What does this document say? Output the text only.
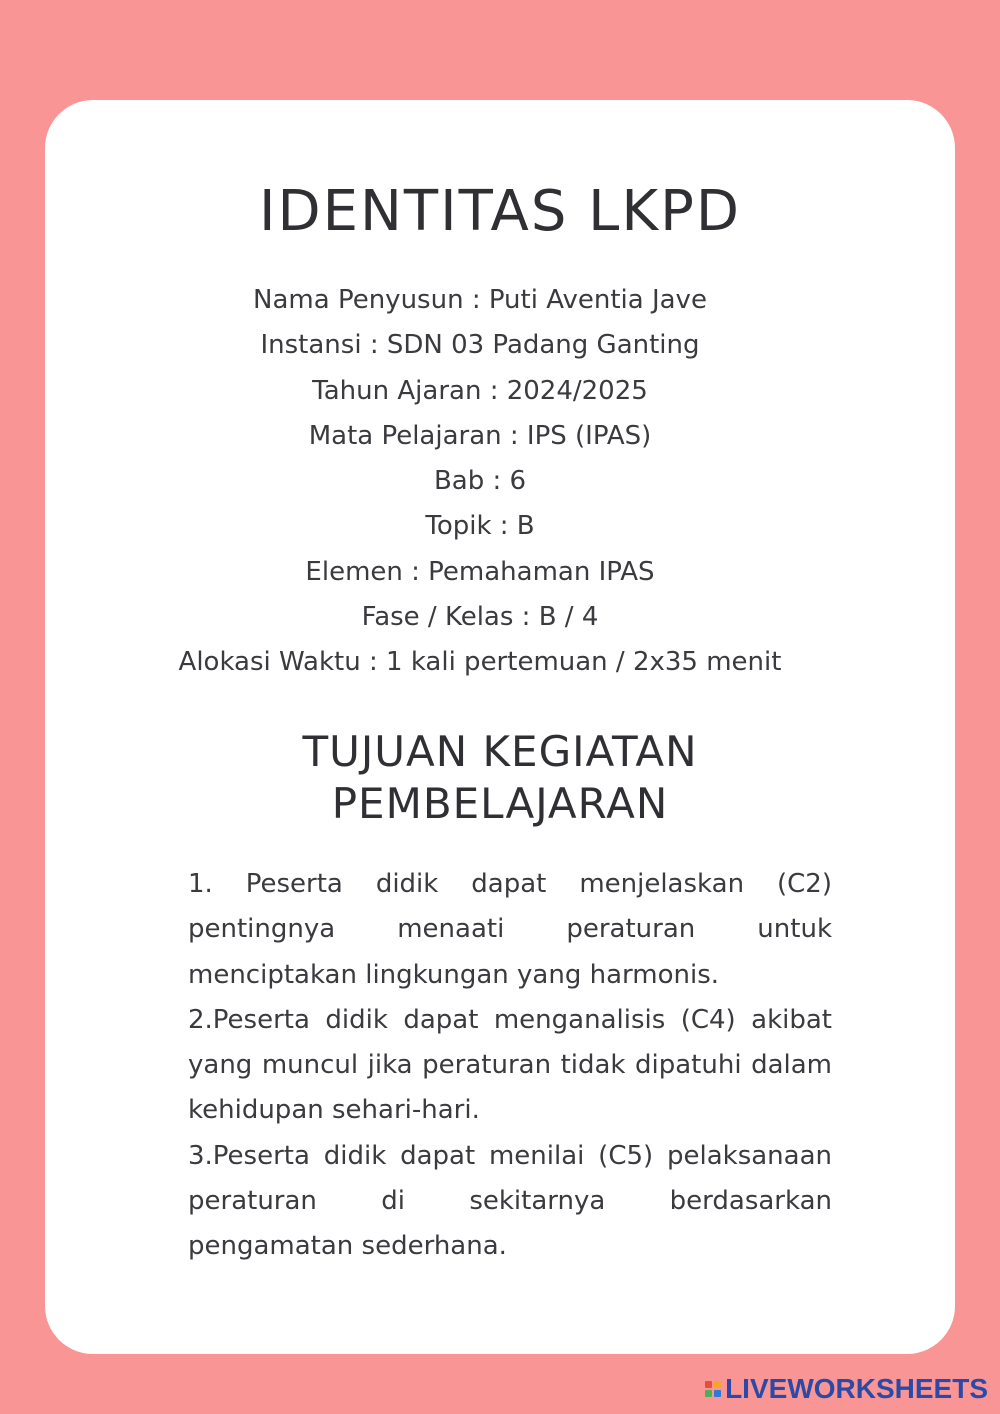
IDENTITAS LKPD
Nama Penyusun : Puti Aventia Jave
Instansi : SDN 03 Padang Ganting
Tahun Ajaran : 2024/2025
Mata Pelajaran : IPS (IPAS)
Bab : 6
Topik : B
Elemen : Pemahaman IPAS
Fase / Kelas : B / 4
Alokasi Waktu : 1 kali pertemuan / 2x35 menit
TUJUAN KEGIATAN
PEMBELAJARAN
1. Peserta didik dapat menjelaskan (C2) pentingnya menaati peraturan untuk menciptakan lingkungan yang harmonis.
2.Peserta didik dapat menganalisis (C4) akibat yang muncul jika peraturan tidak dipatuhi dalam kehidupan sehari-hari.
3.Peserta didik dapat menilai (C5) pelaksanaan peraturan di sekitarnya berdasarkan pengamatan sederhana.
LIVEWORKSHEETS
